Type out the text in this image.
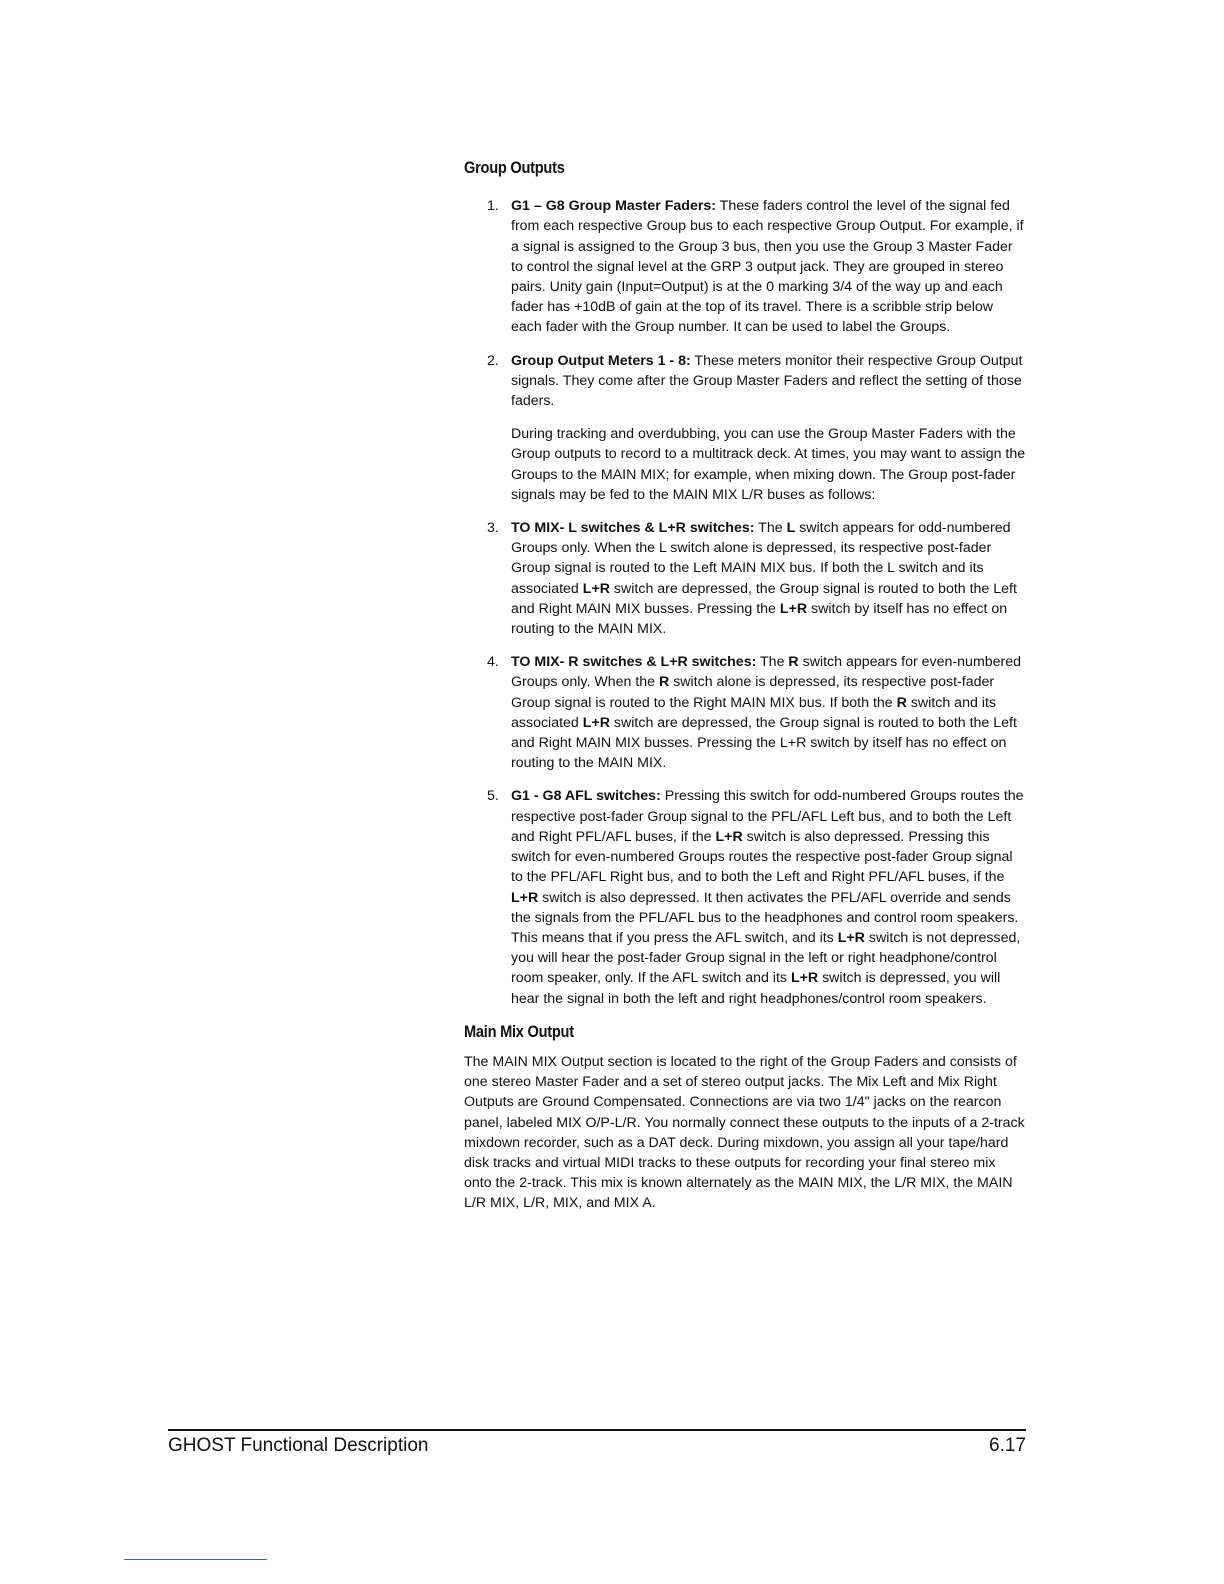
Group Outputs
1. G1 – G8 Group Master Faders: These faders control the level of the signal fed from each respective Group bus to each respective Group Output. For example, if a signal is assigned to the Group 3 bus, then you use the Group 3 Master Fader to control the signal level at the GRP 3 output jack. They are grouped in stereo pairs. Unity gain (Input=Output) is at the 0 marking 3/4 of the way up and each fader has +10dB of gain at the top of its travel. There is a scribble strip below each fader with the Group number. It can be used to label the Groups.

2. Group Output Meters 1 - 8: These meters monitor their respective Group Output signals. They come after the Group Master Faders and reflect the setting of those faders.

During tracking and overdubbing, you can use the Group Master Faders with the Group outputs to record to a multitrack deck. At times, you may want to assign the Groups to the MAIN MIX; for example, when mixing down. The Group post-fader signals may be fed to the MAIN MIX L/R buses as follows:

3. TO MIX- L switches & L+R switches: The L switch appears for odd-numbered Groups only. When the L switch alone is depressed, its respective post-fader Group signal is routed to the Left MAIN MIX bus. If both the L switch and its associated L+R switch are depressed, the Group signal is routed to both the Left and Right MAIN MIX busses. Pressing the L+R switch by itself has no effect on routing to the MAIN MIX.

4. TO MIX- R switches & L+R switches: The R switch appears for even-numbered Groups only. When the R switch alone is depressed, its respective post-fader Group signal is routed to the Right MAIN MIX bus. If both the R switch and its associated L+R switch are depressed, the Group signal is routed to both the Left and Right MAIN MIX busses. Pressing the L+R switch by itself has no effect on routing to the MAIN MIX.

5. G1 - G8 AFL switches: Pressing this switch for odd-numbered Groups routes the respective post-fader Group signal to the PFL/AFL Left bus, and to both the Left and Right PFL/AFL buses, if the L+R switch is also depressed. Pressing this switch for even-numbered Groups routes the respective post-fader Group signal to the PFL/AFL Right bus, and to both the Left and Right PFL/AFL buses, if the L+R switch is also depressed. It then activates the PFL/AFL override and sends the signals from the PFL/AFL bus to the headphones and control room speakers. This means that if you press the AFL switch, and its L+R switch is not depressed, you will hear the post-fader Group signal in the left or right headphone/control room speaker, only. If the AFL switch and its L+R switch is depressed, you will hear the signal in both the left and right headphones/control room speakers.

Main Mix Output

The MAIN MIX Output section is located to the right of the Group Faders and consists of one stereo Master Fader and a set of stereo output jacks. The Mix Left and Mix Right Outputs are Ground Compensated. Connections are via two 1/4" jacks on the rearcon panel, labeled MIX O/P-L/R. You normally connect these outputs to the inputs of a 2-track mixdown recorder, such as a DAT deck. During mixdown, you assign all your tape/hard disk tracks and virtual MIDI tracks to these outputs for recording your final stereo mix onto the 2-track. This mix is known alternately as the MAIN MIX, the L/R MIX, the MAIN L/R MIX, L/R, MIX, and MIX A.

GHOST Functional Description	6.17
